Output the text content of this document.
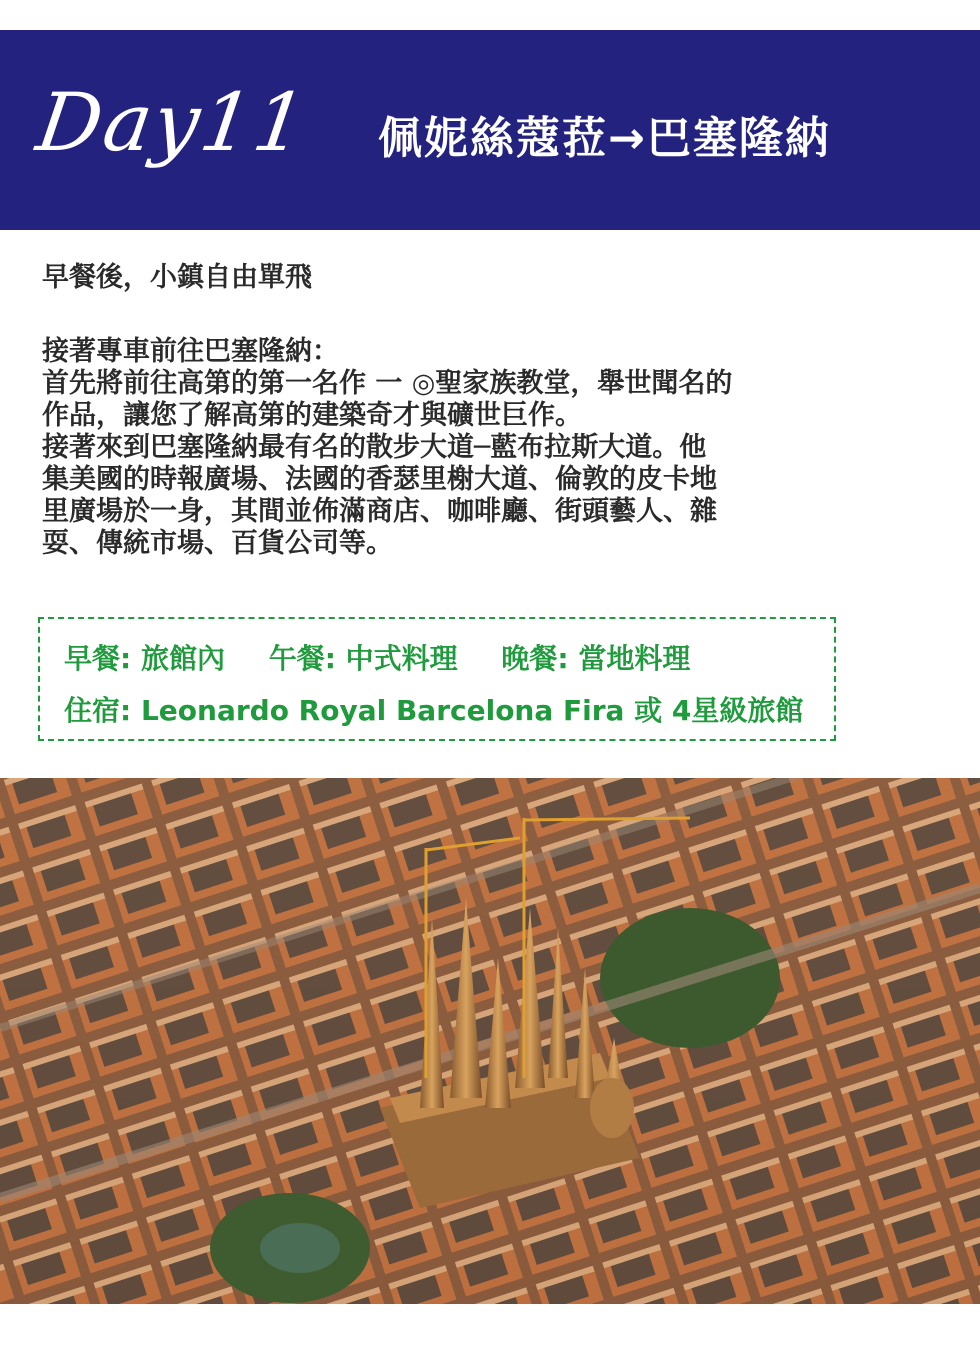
Day11 佩妮絲蔻菈→巴塞隆納

早餐後，小鎮自由單飛

接著專車前往巴塞隆納：

首先將前往高第的第一名作 一 ◎聖家族教堂，舉世聞名的

作品，讓您了解高第的建築奇才與礦世巨作。

接著來到巴塞隆納最有名的散步大道─藍布拉斯大道。他

集美國的時報廣場、法國的香瑟里榭大道、倫敦的皮卡地

里廣場於一身，其間並佈滿商店、咖啡廳、街頭藝人、雜

耍、傳統市場、百貨公司等。

早餐: 旅館內 午餐: 中式料理 晚餐: 當地料理
住宿: Leonardo Royal Barcelona Fira 或 4星級旅館
